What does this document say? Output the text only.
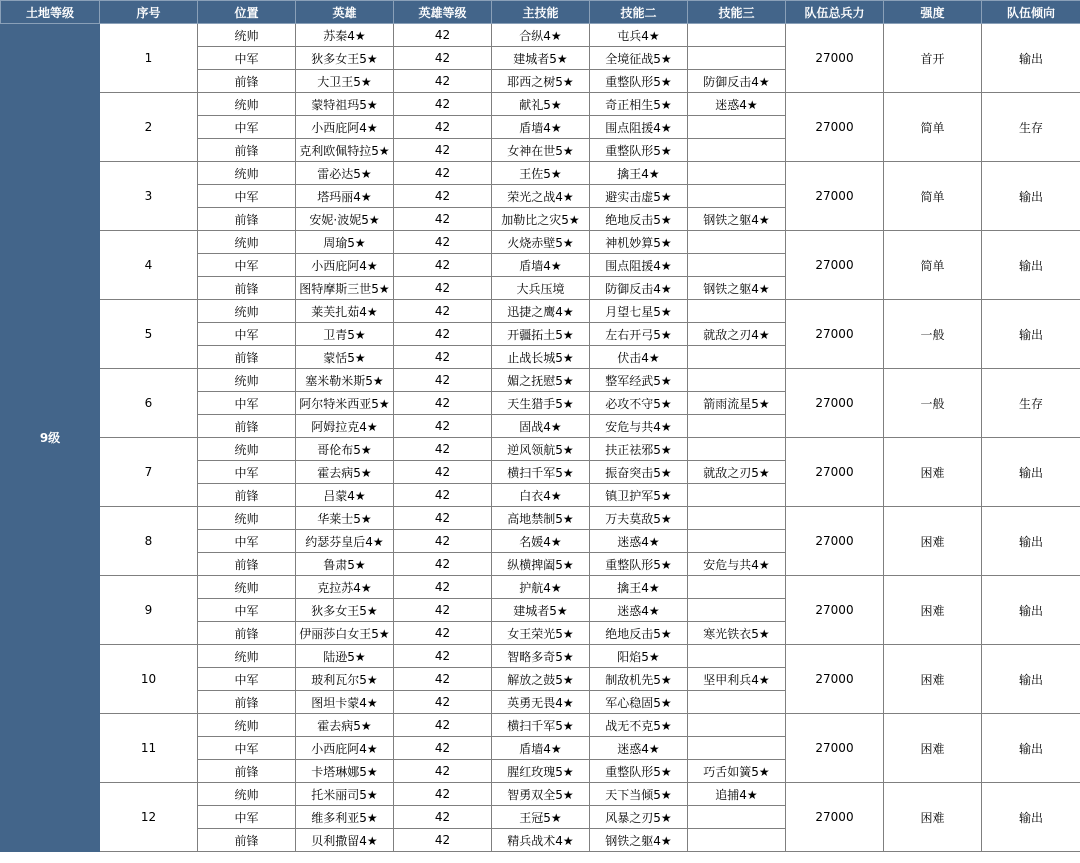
土地等级	序号	位置	英雄	英雄等级	主技能	技能二	技能三	队伍总兵力	强度	队伍倾向
9级	1	统帅	苏秦4★	42	合纵4★	屯兵4★		27000	首开	输出
		中军	狄多女王5★	42	建城者5★	全境征战5★				
		前锋	大卫王5★	42	耶西之树5★	重整队形5★	防御反击4★			
	2	统帅	蒙特祖玛5★	42	献礼5★	奇正相生5★	迷惑4★	27000	简单	生存
		中军	小西庇阿4★	42	盾墙4★	围点阻援4★				
		前锋	克利欧佩特拉5★	42	女神在世5★	重整队形5★				
	3	统帅	雷必达5★	42	王佐5★	擒王4★		27000	简单	输出
		中军	塔玛丽4★	42	荣光之战4★	避实击虚5★				
		前锋	安妮·波妮5★	42	加勒比之灾5★	绝地反击5★	钢铁之躯4★			
	4	统帅	周瑜5★	42	火烧赤壁5★	神机妙算5★		27000	简单	输出
		中军	小西庇阿4★	42	盾墙4★	围点阻援4★				
		前锋	图特摩斯三世5★	42	大兵压境	防御反击4★	钢铁之躯4★			
	5	统帅	莱芙扎茹4★	42	迅捷之鹰4★	月望七星5★		27000	一般	输出
		中军	卫青5★	42	开疆拓土5★	左右开弓5★	就敌之刃4★			
		前锋	蒙恬5★	42	止战长城5★	伏击4★				
	6	统帅	塞米勒米斯5★	42	媚之抚慰5★	整军经武5★		27000	一般	生存
		中军	阿尔特米西亚5★	42	天生猎手5★	必攻不守5★	箭雨流星5★			
		前锋	阿姆拉克4★	42	固战4★	安危与共4★				
	7	统帅	哥伦布5★	42	逆风领航5★	扶正祛邪5★		27000	困难	输出
		中军	霍去病5★	42	横扫千军5★	振奋突击5★	就敌之刃5★			
		前锋	吕蒙4★	42	白衣4★	镇卫护军5★				
	8	统帅	华莱士5★	42	高地禁制5★	万夫莫敌5★		27000	困难	输出
		中军	约瑟芬皇后4★	42	名媛4★	迷惑4★				
		前锋	鲁肃5★	42	纵横捭阖5★	重整队形5★	安危与共4★			
	9	统帅	克拉苏4★	42	护航4★	擒王4★		27000	困难	输出
		中军	狄多女王5★	42	建城者5★	迷惑4★				
		前锋	伊丽莎白女王5★	42	女王荣光5★	绝地反击5★	寒光铁衣5★			
	10	统帅	陆逊5★	42	智略多奇5★	阳焰5★		27000	困难	输出
		中军	玻利瓦尔5★	42	解放之鼓5★	制敌机先5★	坚甲利兵4★			
		前锋	图坦卡蒙4★	42	英勇无畏4★	军心稳固5★				
	11	统帅	霍去病5★	42	横扫千军5★	战无不克5★		27000	困难	输出
		中军	小西庇阿4★	42	盾墙4★	迷惑4★				
		前锋	卡塔琳娜5★	42	腥红玫瑰5★	重整队形5★	巧舌如簧5★			
	12	统帅	托米丽司5★	42	智勇双全5★	天下当倾5★	追捕4★	27000	困难	输出
		中军	维多利亚5★	42	王冠5★	风暴之刃5★				
		前锋	贝利撒留4★	42	精兵战术4★	钢铁之躯4★				
